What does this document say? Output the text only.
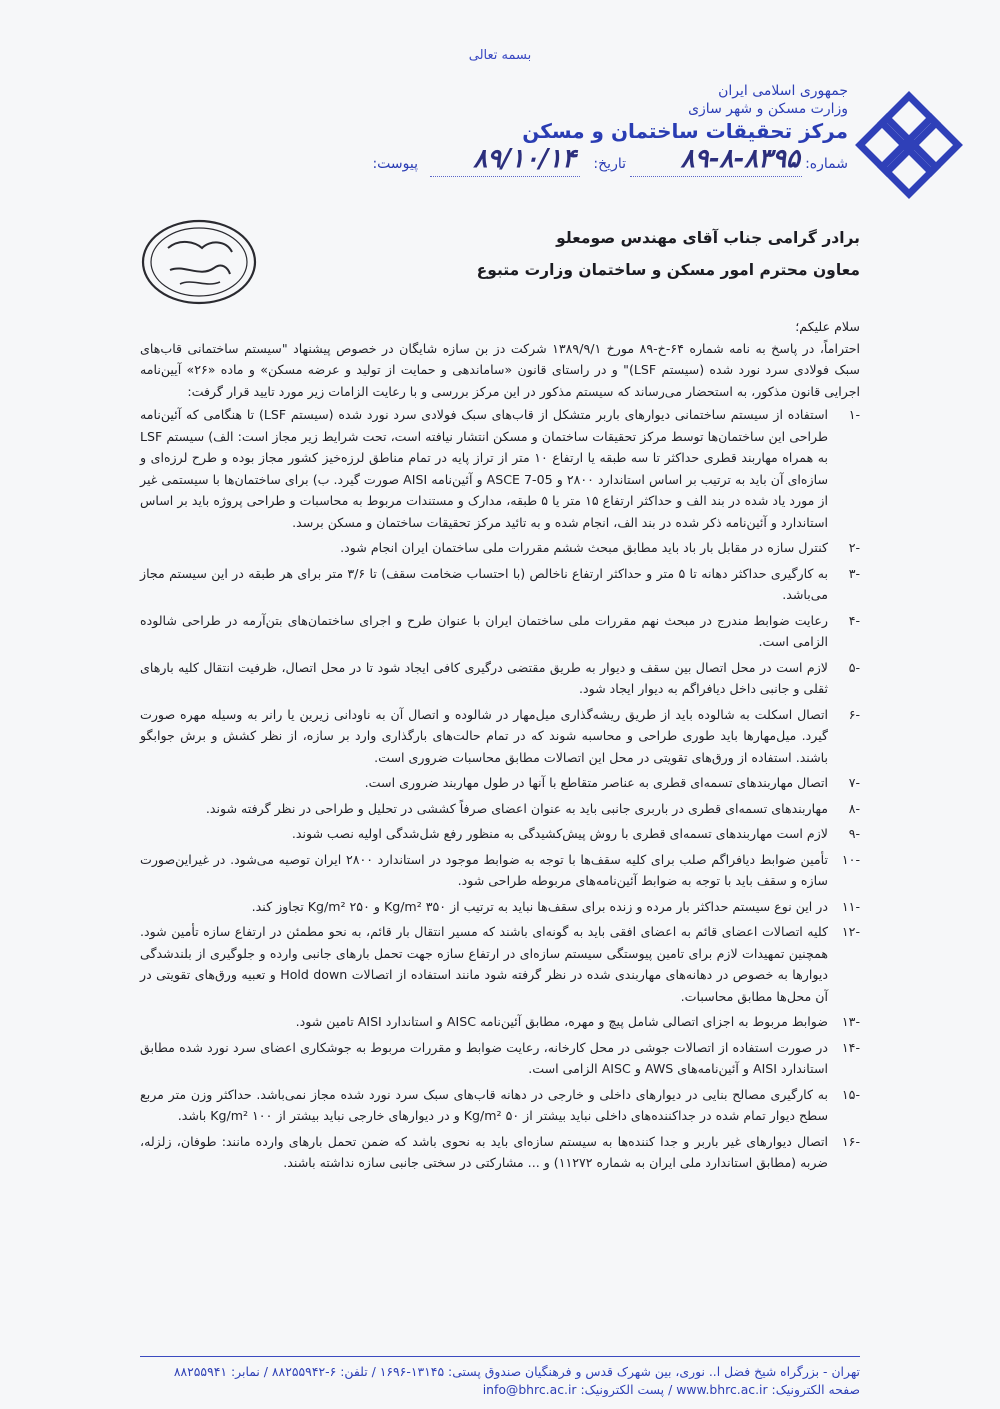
بسمه تعالی
جمهوری اسلامی ایران
وزارت مسکن و شهر سازی
مرکز تحقیقات ساختمان و مسکن
شماره:
۸۹-۸-۸۳۹۵
تاریخ:
۸۹/۱۰/۱۴
پیوست:
برادر گرامی جناب آقای مهندس صومعلو
معاون محترم امور مسکن و ساختمان وزارت متبوع
سلام علیکم؛

احتراماً، در پاسخ به نامه شماره ۶۴-خ-۸۹ مورخ ۱۳۸۹/۹/۱ شرکت دز بن سازه شایگان در خصوص پیشنهاد "سیستم ساختمانی قاب‌های سبک فولادی سرد نورد شده (سیستم LSF)" و در راستای قانون «ساماندهی و حمایت از تولید و عرضه مسکن» و ماده «۲۶» آیین‌نامه اجرایی قانون مذکور، به استحضار می‌رساند که سیستم مذکور در این مرکز بررسی و با رعایت الزامات زیر مورد تایید قرار گرفت:

-۱
استفاده از سیستم ساختمانی دیوارهای باربر متشکل از قاب‌های سبک فولادی سرد نورد شده (سیستم LSF) تا هنگامی که آئین‌نامه طراحی این ساختمان‌ها توسط مرکز تحقیقات ساختمان و مسکن انتشار نیافته است، تحت شرایط زیر مجاز است: الف) سیستم LSF به همراه مهاربند قطری حداکثر تا سه طبقه یا ارتفاع ۱۰ متر از تراز پایه در تمام مناطق لرزه‌خیز کشور مجاز بوده و طرح لرزه‌ای و سازه‌ای آن باید به ترتیب بر اساس استاندارد ۲۸۰۰ و ASCE 7-05 و آئین‌نامه AISI صورت گیرد. ب) برای ساختمان‌ها با سیستمی غیر از مورد یاد شده در بند الف و حداکثر ارتفاع ۱۵ متر یا ۵ طبقه، مدارک و مستندات مربوط به محاسبات و طراحی پروژه باید بر اساس استاندارد و آئین‌نامه ذکر شده در بند الف، انجام شده و به تائید مرکز تحقیقات ساختمان و مسکن برسد.
-۲
کنترل سازه در مقابل بار باد باید مطابق مبحث ششم مقررات ملی ساختمان ایران انجام شود.
-۳
به کارگیری حداکثر دهانه تا ۵ متر و حداکثر ارتفاع ناخالص (با احتساب ضخامت سقف) تا ۳/۶ متر برای هر طبقه در این سیستم مجاز می‌باشد.
-۴
رعایت ضوابط مندرج در مبحث نهم مقررات ملی ساختمان ایران با عنوان طرح و اجرای ساختمان‌های بتن‌آرمه در طراحی شالوده الزامی است.
-۵
لازم است در محل اتصال بین سقف و دیوار به طریق مقتضی درگیری کافی ایجاد شود تا در محل اتصال، ظرفیت انتقال کلیه بارهای ثقلی و جانبی داخل دیافراگم به دیوار ایجاد شود.
-۶
اتصال اسکلت به شالوده باید از طریق ریشه‌گذاری میل‌مهار در شالوده و اتصال آن به ناودانی زیرین یا رانر به وسیله مهره صورت گیرد. میل‌مهارها باید طوری طراحی و محاسبه شوند که در تمام حالت‌های بارگذاری وارد بر سازه، از نظر کشش و برش جوابگو باشند. استفاده از ورق‌های تقویتی در محل این اتصالات مطابق محاسبات ضروری است.
-۷
اتصال مهاربندهای تسمه‌ای قطری به عناصر متقاطع با آنها در طول مهاربند ضروری است.
-۸
مهاربندهای تسمه‌ای قطری در باربری جانبی باید به عنوان اعضای صرفاً کششی در تحلیل و طراحی در نظر گرفته شوند.
-۹
لازم است مهاربندهای تسمه‌ای قطری با روش پیش‌کشیدگی به منظور رفع شل‌شدگی اولیه نصب شوند.
-۱۰
تأمین ضوابط دیافراگم صلب برای کلیه سقف‌ها با توجه به ضوابط موجود در استاندارد ۲۸۰۰ ایران توصیه می‌شود. در غیراین‌صورت سازه و سقف باید با توجه به ضوابط آئین‌نامه‌های مربوطه طراحی شود.
-۱۱
در این نوع سیستم حداکثر بار مرده و زنده برای سقف‌ها نباید به ترتیب از ۳۵۰ Kg/m² و ۲۵۰ Kg/m² تجاوز کند.
-۱۲
کلیه اتصالات اعضای قائم به اعضای افقی باید به گونه‌ای باشند که مسیر انتقال بار قائم، به نحو مطمئن در ارتفاع سازه تأمین شود. همچنین تمهیدات لازم برای تامین پیوستگی سیستم سازه‌ای در ارتفاع سازه جهت تحمل بارهای جانبی وارده و جلوگیری از بلندشدگی دیوارها به خصوص در دهانه‌های مهاربندی شده در نظر گرفته شود مانند استفاده از اتصالات Hold down و تعبیه ورق‌های تقویتی در آن محل‌ها مطابق محاسبات.
-۱۳
ضوابط مربوط به اجزای اتصالی شامل پیچ و مهره، مطابق آئین‌نامه AISC و استاندارد AISI تامین شود.
-۱۴
در صورت استفاده از اتصالات جوشی در محل کارخانه، رعایت ضوابط و مقررات مربوط به جوشکاری اعضای سرد نورد شده مطابق استاندارد AISI و آئین‌نامه‌های AWS و AISC الزامی است.
-۱۵
به کارگیری مصالح بنایی در دیوارهای داخلی و خارجی در دهانه قاب‌های سبک سرد نورد شده مجاز نمی‌باشد. حداکثر وزن متر مربع سطح دیوار تمام شده در جداکننده‌های داخلی نباید بیشتر از ۵۰ Kg/m² و در دیوارهای خارجی نباید بیشتر از ۱۰۰ Kg/m² باشد.
-۱۶
اتصال دیوارهای غیر باربر و جدا کننده‌ها به سیستم سازه‌ای باید به نحوی باشد که ضمن تحمل بارهای وارده مانند: طوفان، زلزله، ضربه (مطابق استاندارد ملی ایران به شماره ۱۱۲۷۲) و ... مشارکتی در سختی جانبی سازه نداشته باشند.
تهران - بزرگراه شیخ فضل ا.. نوری، بین شهرک قدس و فرهنگیان صندوق پستی: ۱۳۱۴۵-۱۶۹۶ / تلفن: ۶-۸۸۲۵۵۹۴۲ / نمابر: ۸۸۲۵۵۹۴۱
صفحه الکترونیک: www.bhrc.ac.ir / پست الکترونیک: info@bhrc.ac.ir
